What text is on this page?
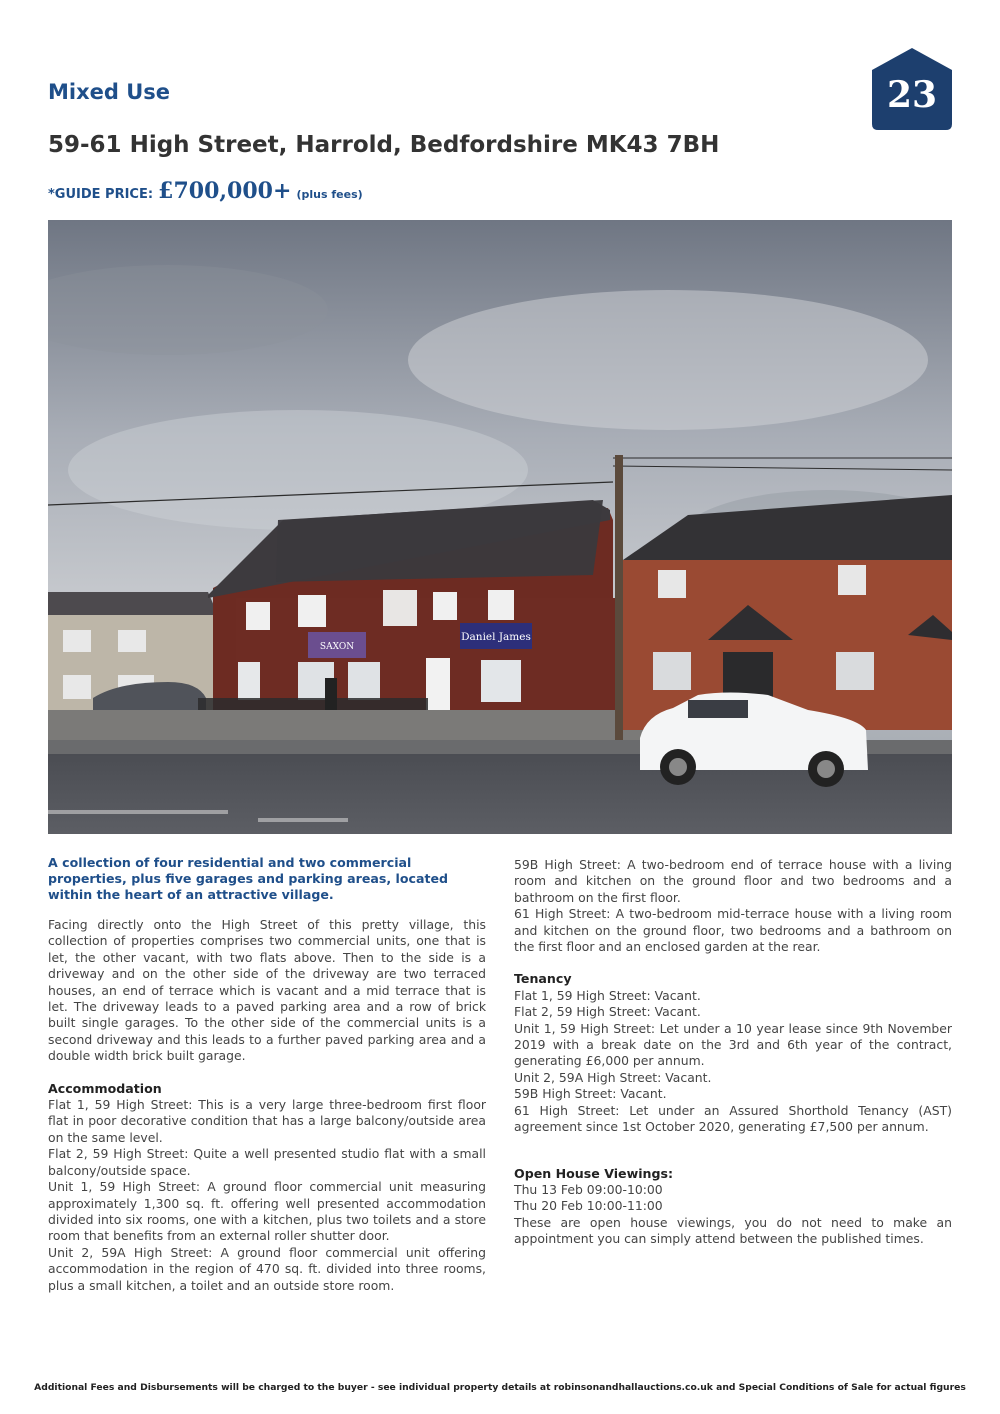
Mixed Use	23
59-61 High Street, Harrold, Bedfordshire MK43 7BH
*GUIDE PRICE: £700,000+ (plus fees)
SAXON
Daniel James

A collection of four residential and two commercial properties, plus five garages and parking areas, located within the heart of an attractive village.

Facing directly onto the High Street of this pretty village, this collection of properties comprises two commercial units, one that is let, the other vacant, with two flats above. Then to the side is a driveway and on the other side of the driveway are two terraced houses, an end of terrace which is vacant and a mid terrace that is let. The driveway leads to a paved parking area and a row of brick built single garages. To the other side of the commercial units is a second driveway and this leads to a further paved parking area and a double width brick built garage.

Accommodation

Flat 1, 59 High Street: This is a very large three-bedroom first floor flat in poor decorative condition that has a large balcony/outside area on the same level.

Flat 2, 59 High Street: Quite a well presented studio flat with a small balcony/outside space.

Unit 1, 59 High Street: A ground floor commercial unit measuring approximately 1,300 sq. ft. offering well presented accommodation divided into six rooms, one with a kitchen, plus two toilets and a store room that benefits from an external roller shutter door.

Unit 2, 59A High Street: A ground floor commercial unit offering accommodation in the region of 470 sq. ft. divided into three rooms, plus a small kitchen, a toilet and an outside store room.

59B High Street: A two-bedroom end of terrace house with a living room and kitchen on the ground floor and two bedrooms and a bathroom on the first floor.

61 High Street: A two-bedroom mid-terrace house with a living room and kitchen on the ground floor, two bedrooms and a bathroom on the first floor and an enclosed garden at the rear.

Tenancy

Flat 1, 59 High Street: Vacant.

Flat 2, 59 High Street: Vacant.

Unit 1, 59 High Street: Let under a 10 year lease since 9th November 2019 with a break date on the 3rd and 6th year of the contract, generating £6,000 per annum.

Unit 2, 59A High Street: Vacant.

59B High Street: Vacant.

61 High Street: Let under an Assured Shorthold Tenancy (AST) agreement since 1st October 2020, generating £7,500 per annum.

Open House Viewings:

Thu 13 Feb 09:00-10:00

Thu 20 Feb 10:00-11:00

These are open house viewings, you do not need to make an appointment you can simply attend between the published times.

Additional Fees and Disbursements will be charged to the buyer - see individual property details at robinsonandhallauctions.co.uk and Special Conditions of Sale for actual figures
